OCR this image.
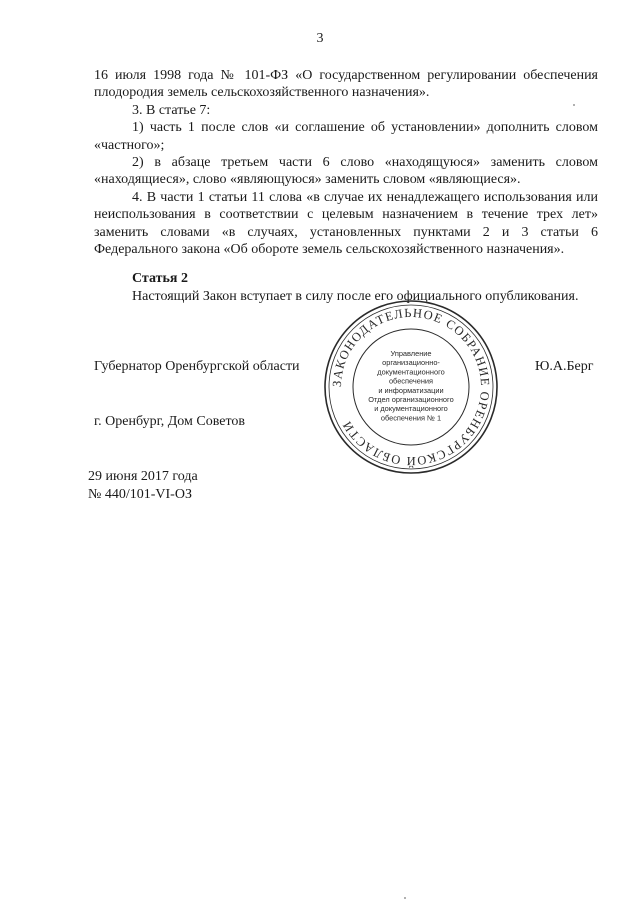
3

16 июля 1998 года № 101-ФЗ «О государственном регулировании обеспечения плодородия земель сельскохозяйственного назначения».

3. В статье 7:

1) часть 1 после слов «и соглашение об установлении» дополнить словом «частного»;

2) в абзаце третьем части 6 слово «находящуюся» заменить словом «находящиеся», слово «являющуюся» заменить словом «являющиеся».

4. В части 1 статьи 11 слова «в случае их ненадлежащего использования или неиспользования в соответствии с целевым назначением в течение трех лет» заменить словами «в случаях, установленных пунктами 2 и 3 статьи 6 Федерального закона «Об обороте земель сельскохозяйственного назначения».

Статья 2

Настоящий Закон вступает в силу после его официального опубликования.

Губернатор Оренбургской области	Ю.А.Берг
ЗАКОНОДАТЕЛЬНОЕ СОБРАНИЕ ОРЕНБУРГСКОЙ ОБЛАСТИ
Управление
организационно-
документационного
обеспечения
и информатизации
Отдел организационного
и документационного
обеспечения № 1
г. Оренбург, Дом Советов
29 июня 2017 года
№ 440/101-VI-ОЗ
